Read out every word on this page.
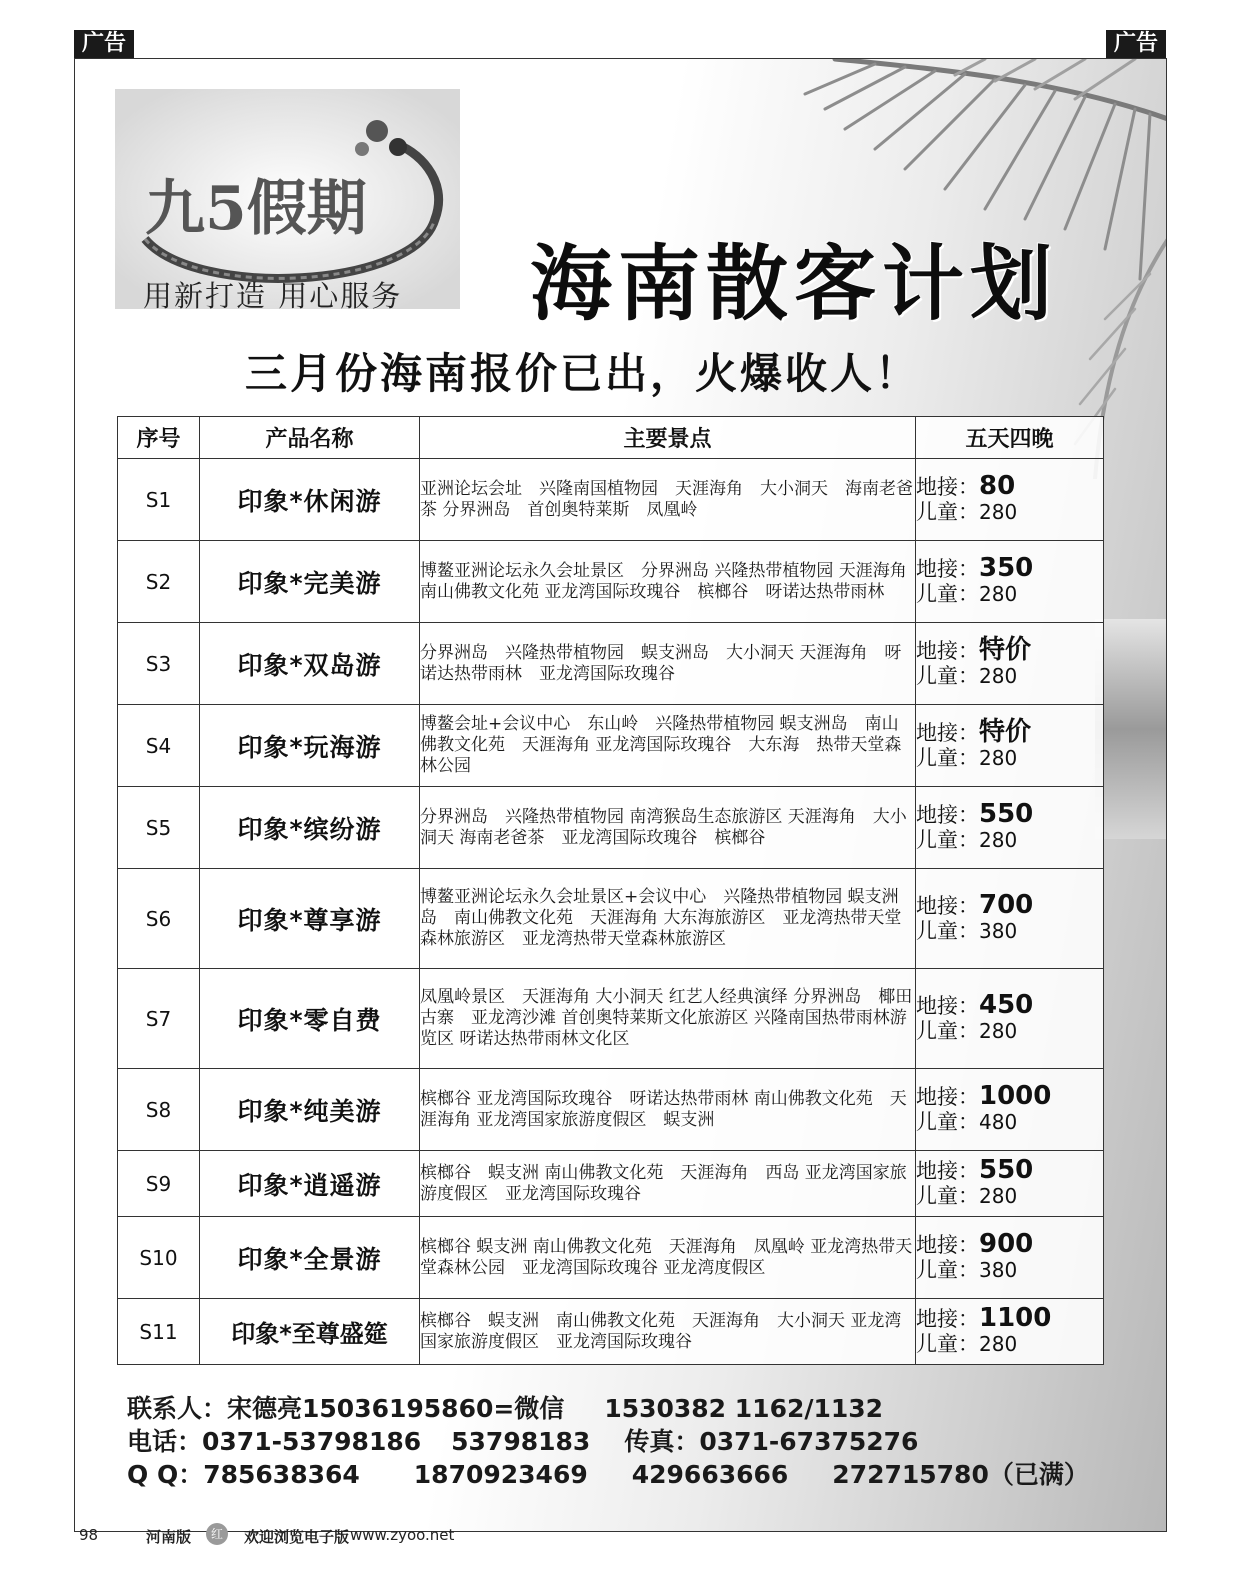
广告	广告
九5假期
用新打造 用心服务 海南散客计划
三月份海南报价已出，火爆收人！
序号	产品名称	主要景点	五天四晚
S1	印象*休闲游	亚洲论坛会址　兴隆南国植物园　天涯海角　大小洞天　海南老爸茶 分界洲岛　首创奥特莱斯　凤凰岭	地接：80
儿童：280
S2	印象*完美游	博鳌亚洲论坛永久会址景区　分界洲岛 兴隆热带植物园 天涯海角 南山佛教文化苑 亚龙湾国际玫瑰谷　槟榔谷　呀诺达热带雨林	地接：350
儿童：280
S3	印象*双岛游	分界洲岛　兴隆热带植物园　蜈支洲岛　大小洞天 天涯海角　呀诺达热带雨林　亚龙湾国际玫瑰谷	地接：特价
儿童：280
S4	印象*玩海游	博鳌会址+会议中心　东山岭　兴隆热带植物园 蜈支洲岛　南山佛教文化苑　天涯海角 亚龙湾国际玫瑰谷　大东海　热带天堂森林公园	地接：特价
儿童：280
S5	印象*缤纷游	分界洲岛　兴隆热带植物园 南湾猴岛生态旅游区 天涯海角　大小洞天 海南老爸茶　亚龙湾国际玫瑰谷　槟榔谷	地接：550
儿童：280
S6	印象*尊享游	博鳌亚洲论坛永久会址景区+会议中心　兴隆热带植物园 蜈支洲岛　南山佛教文化苑　天涯海角 大东海旅游区　亚龙湾热带天堂森林旅游区　亚龙湾热带天堂森林旅游区	地接：700
儿童：380
S7	印象*零自费	凤凰岭景区　天涯海角 大小洞天 红艺人经典演绎 分界洲岛　椰田古寨　亚龙湾沙滩 首创奥特莱斯文化旅游区 兴隆南国热带雨林游览区 呀诺达热带雨林文化区	地接：450
儿童：280
S8	印象*纯美游	槟榔谷 亚龙湾国际玫瑰谷　呀诺达热带雨林 南山佛教文化苑　天涯海角 亚龙湾国家旅游度假区　蜈支洲	地接：1000
儿童：480
S9	印象*逍遥游	槟榔谷　蜈支洲 南山佛教文化苑　天涯海角　西岛 亚龙湾国家旅游度假区　亚龙湾国际玫瑰谷	地接：550
儿童：280
S10	印象*全景游	槟榔谷 蜈支洲 南山佛教文化苑　天涯海角　凤凰岭 亚龙湾热带天堂森林公园　亚龙湾国际玫瑰谷 亚龙湾度假区	地接：900
儿童：380
S11	印象*至尊盛筵	槟榔谷　蜈支洲　南山佛教文化苑　天涯海角　大小洞天 亚龙湾国家旅游度假区　亚龙湾国际玫瑰谷	地接：1100
儿童：280
联系人：宋德亮15036195860=微信 1530382 1162/1132
电话：0371-53798186 53798183 传真：0371-67375276
Q Q：785638364 1870923469 429663666 272715780（已满）
98	河南版	红	欢迎浏览电子版 www.zyoo.net
